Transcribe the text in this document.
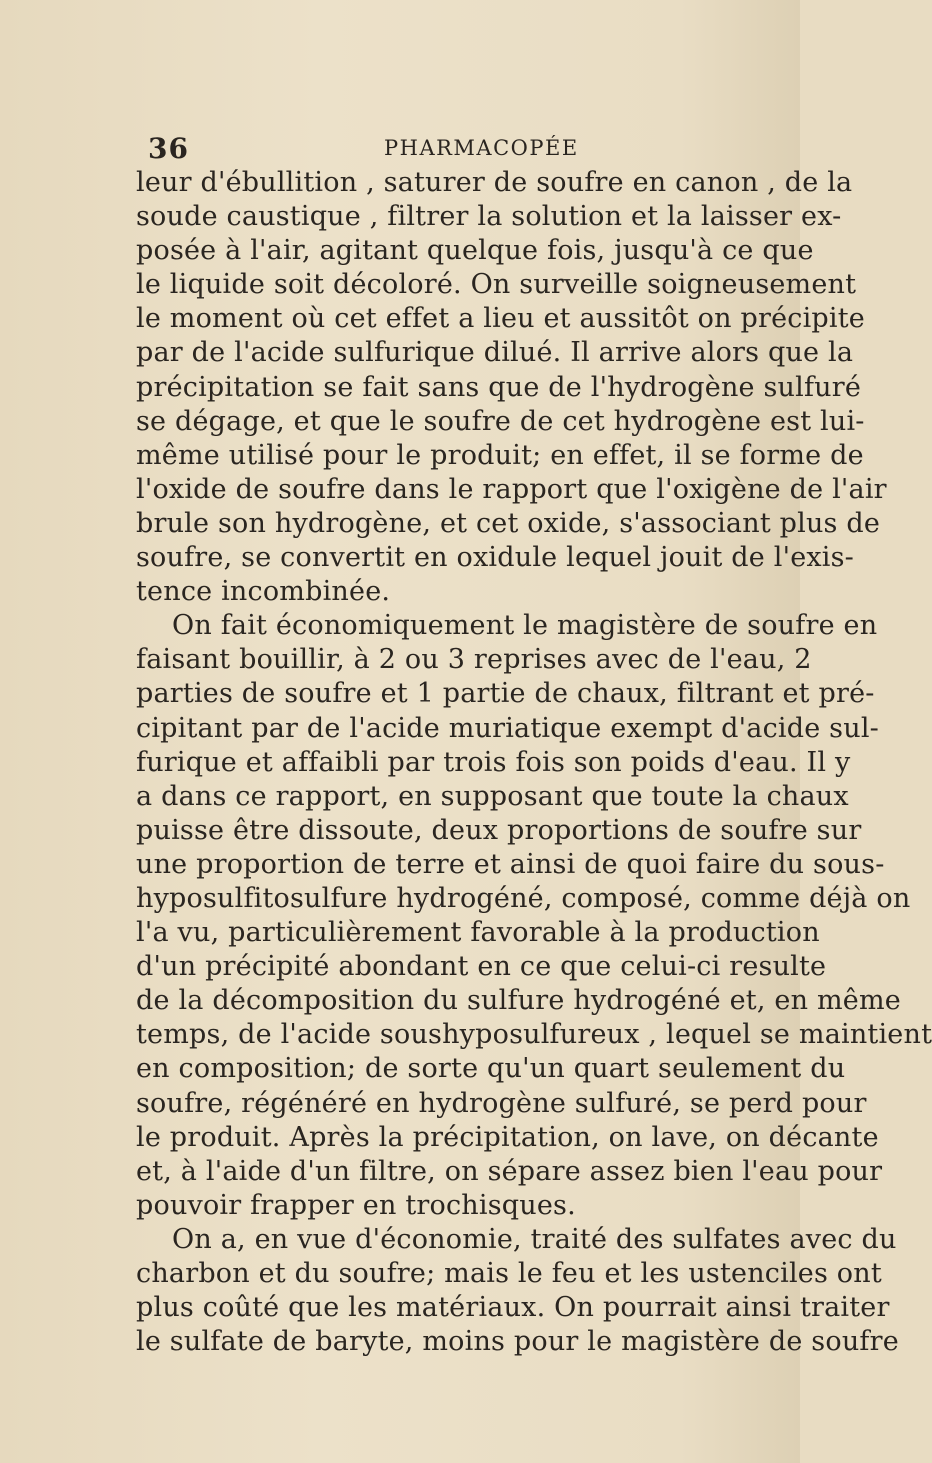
36	PHARMACOPÉE
leur d'ébullition , saturer de soufre en canon , de la
soude caustique , filtrer la solution et la laisser ex-
posée à l'air, agitant quelque fois, jusqu'à ce que
le liquide soit décoloré. On surveille soigneusement
le moment où cet effet a lieu et aussitôt on précipite
par de l'acide sulfurique dilué. Il arrive alors que la
précipitation se fait sans que de l'hydrogène sulfuré
se dégage, et que le soufre de cet hydrogène est lui-
même utilisé pour le produit; en effet, il se forme de
l'oxide de soufre dans le rapport que l'oxigène de l'air
brule son hydrogène, et cet oxide, s'associant plus de
soufre, se convertit en oxidule lequel jouit de l'exis-
tence incombinée.
On fait économiquement le magistère de soufre en
faisant bouillir, à 2 ou 3 reprises avec de l'eau, 2
parties de soufre et 1 partie de chaux, filtrant et pré-
cipitant par de l'acide muriatique exempt d'acide sul-
furique et affaibli par trois fois son poids d'eau. Il y
a dans ce rapport, en supposant que toute la chaux
puisse être dissoute, deux proportions de soufre sur
une proportion de terre et ainsi de quoi faire du sous-
hyposulfitosulfure hydrogéné, composé, comme déjà on
l'a vu, particulièrement favorable à la production
d'un précipité abondant en ce que celui-ci resulte
de la décomposition du sulfure hydrogéné et, en même
temps, de l'acide soushyposulfureux , lequel se maintient
en composition; de sorte qu'un quart seulement du
soufre, régénéré en hydrogène sulfuré, se perd pour
le produit. Après la précipitation, on lave, on décante
et, à l'aide d'un filtre, on sépare assez bien l'eau pour
pouvoir frapper en trochisques.
On a, en vue d'économie, traité des sulfates avec du
charbon et du soufre; mais le feu et les ustenciles ont
plus coûté que les matériaux. On pourrait ainsi traiter
le sulfate de baryte, moins pour le magistère de soufre
